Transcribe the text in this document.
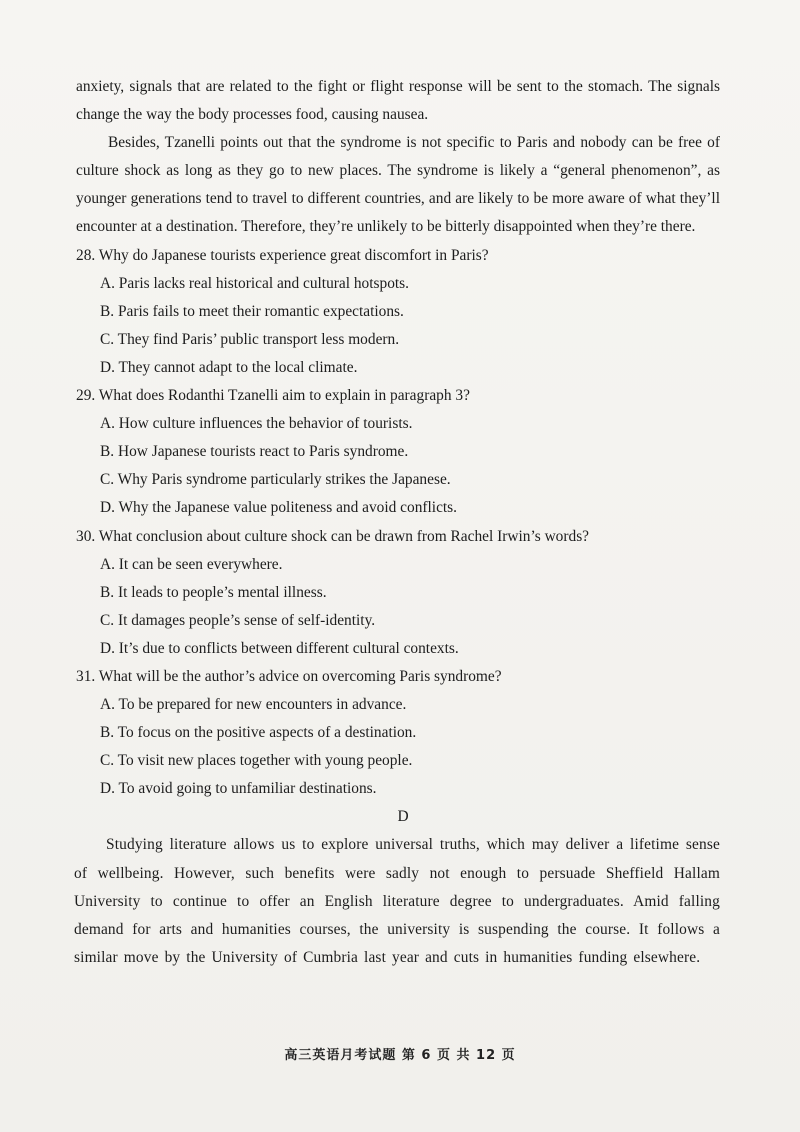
anxiety, signals that are related to the fight or flight response will be sent to the stomach. The signals change the way the body processes food, causing nausea.

Besides, Tzanelli points out that the syndrome is not specific to Paris and nobody can be free of culture shock as long as they go to new places. The syndrome is likely a “general phenomenon”, as younger generations tend to travel to different countries, and are likely to be more aware of what they’ll encounter at a destination. Therefore, they’re unlikely to be bitterly disappointed when they’re there.

28. Why do Japanese tourists experience great discomfort in Paris?

A. Paris lacks real historical and cultural hotspots.

B. Paris fails to meet their romantic expectations.

C. They find Paris’ public transport less modern.

D. They cannot adapt to the local climate.

29. What does Rodanthi Tzanelli aim to explain in paragraph 3?

A. How culture influences the behavior of tourists.

B. How Japanese tourists react to Paris syndrome.

C. Why Paris syndrome particularly strikes the Japanese.

D. Why the Japanese value politeness and avoid conflicts.

30. What conclusion about culture shock can be drawn from Rachel Irwin’s words?

A. It can be seen everywhere.

B. It leads to people’s mental illness.

C. It damages people’s sense of self-identity.

D. It’s due to conflicts between different cultural contexts.

31. What will be the author’s advice on overcoming Paris syndrome?

A. To be prepared for new encounters in advance.

B. To focus on the positive aspects of a destination.

C. To visit new places together with young people.

D. To avoid going to unfamiliar destinations.

D

Studying literature allows us to explore universal truths, which may deliver a lifetime sense of wellbeing. However, such benefits were sadly not enough to persuade Sheffield Hallam University to continue to offer an English literature degree to undergraduates. Amid falling demand for arts and humanities courses, the university is suspending the course. It follows a similar move by the University of Cumbria last year and cuts in humanities funding elsewhere.

高三英语月考试题 第 6 页 共 12 页
